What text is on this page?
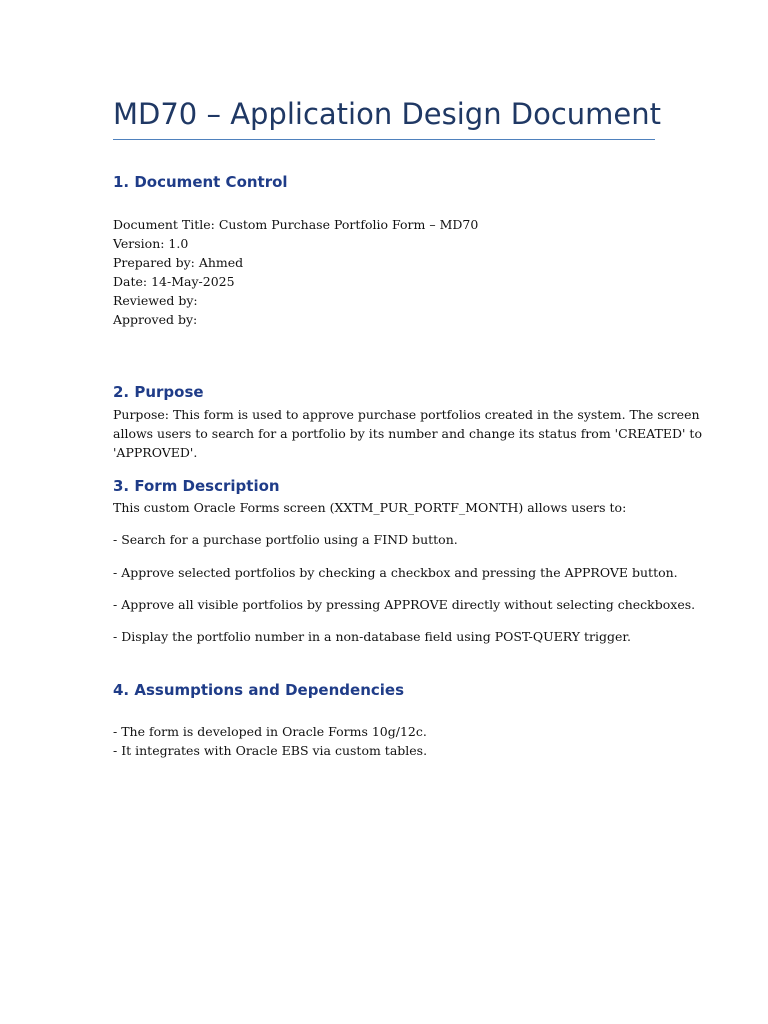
MD70 – Application Design Document
1. Document Control
Document Title: Custom Purchase Portfolio Form – MD70
Version: 1.0
Prepared by: Ahmed
Date: 14-May-2025
Reviewed by:
Approved by:
2. Purpose
Purpose: This form is used to approve purchase portfolios created in the system. The screen
allows users to search for a portfolio by its number and change its status from 'CREATED' to
'APPROVED'.
3. Form Description

This custom Oracle Forms screen (XXTM_PUR_PORTF_MONTH) allows users to:

- Search for a purchase portfolio using a FIND button.

- Approve selected portfolios by checking a checkbox and pressing the APPROVE button.

- Approve all visible portfolios by pressing APPROVE directly without selecting checkboxes.

- Display the portfolio number in a non-database field using POST-QUERY trigger.

4. Assumptions and Dependencies
- The form is developed in Oracle Forms 10g/12c.
- It integrates with Oracle EBS via custom tables.
